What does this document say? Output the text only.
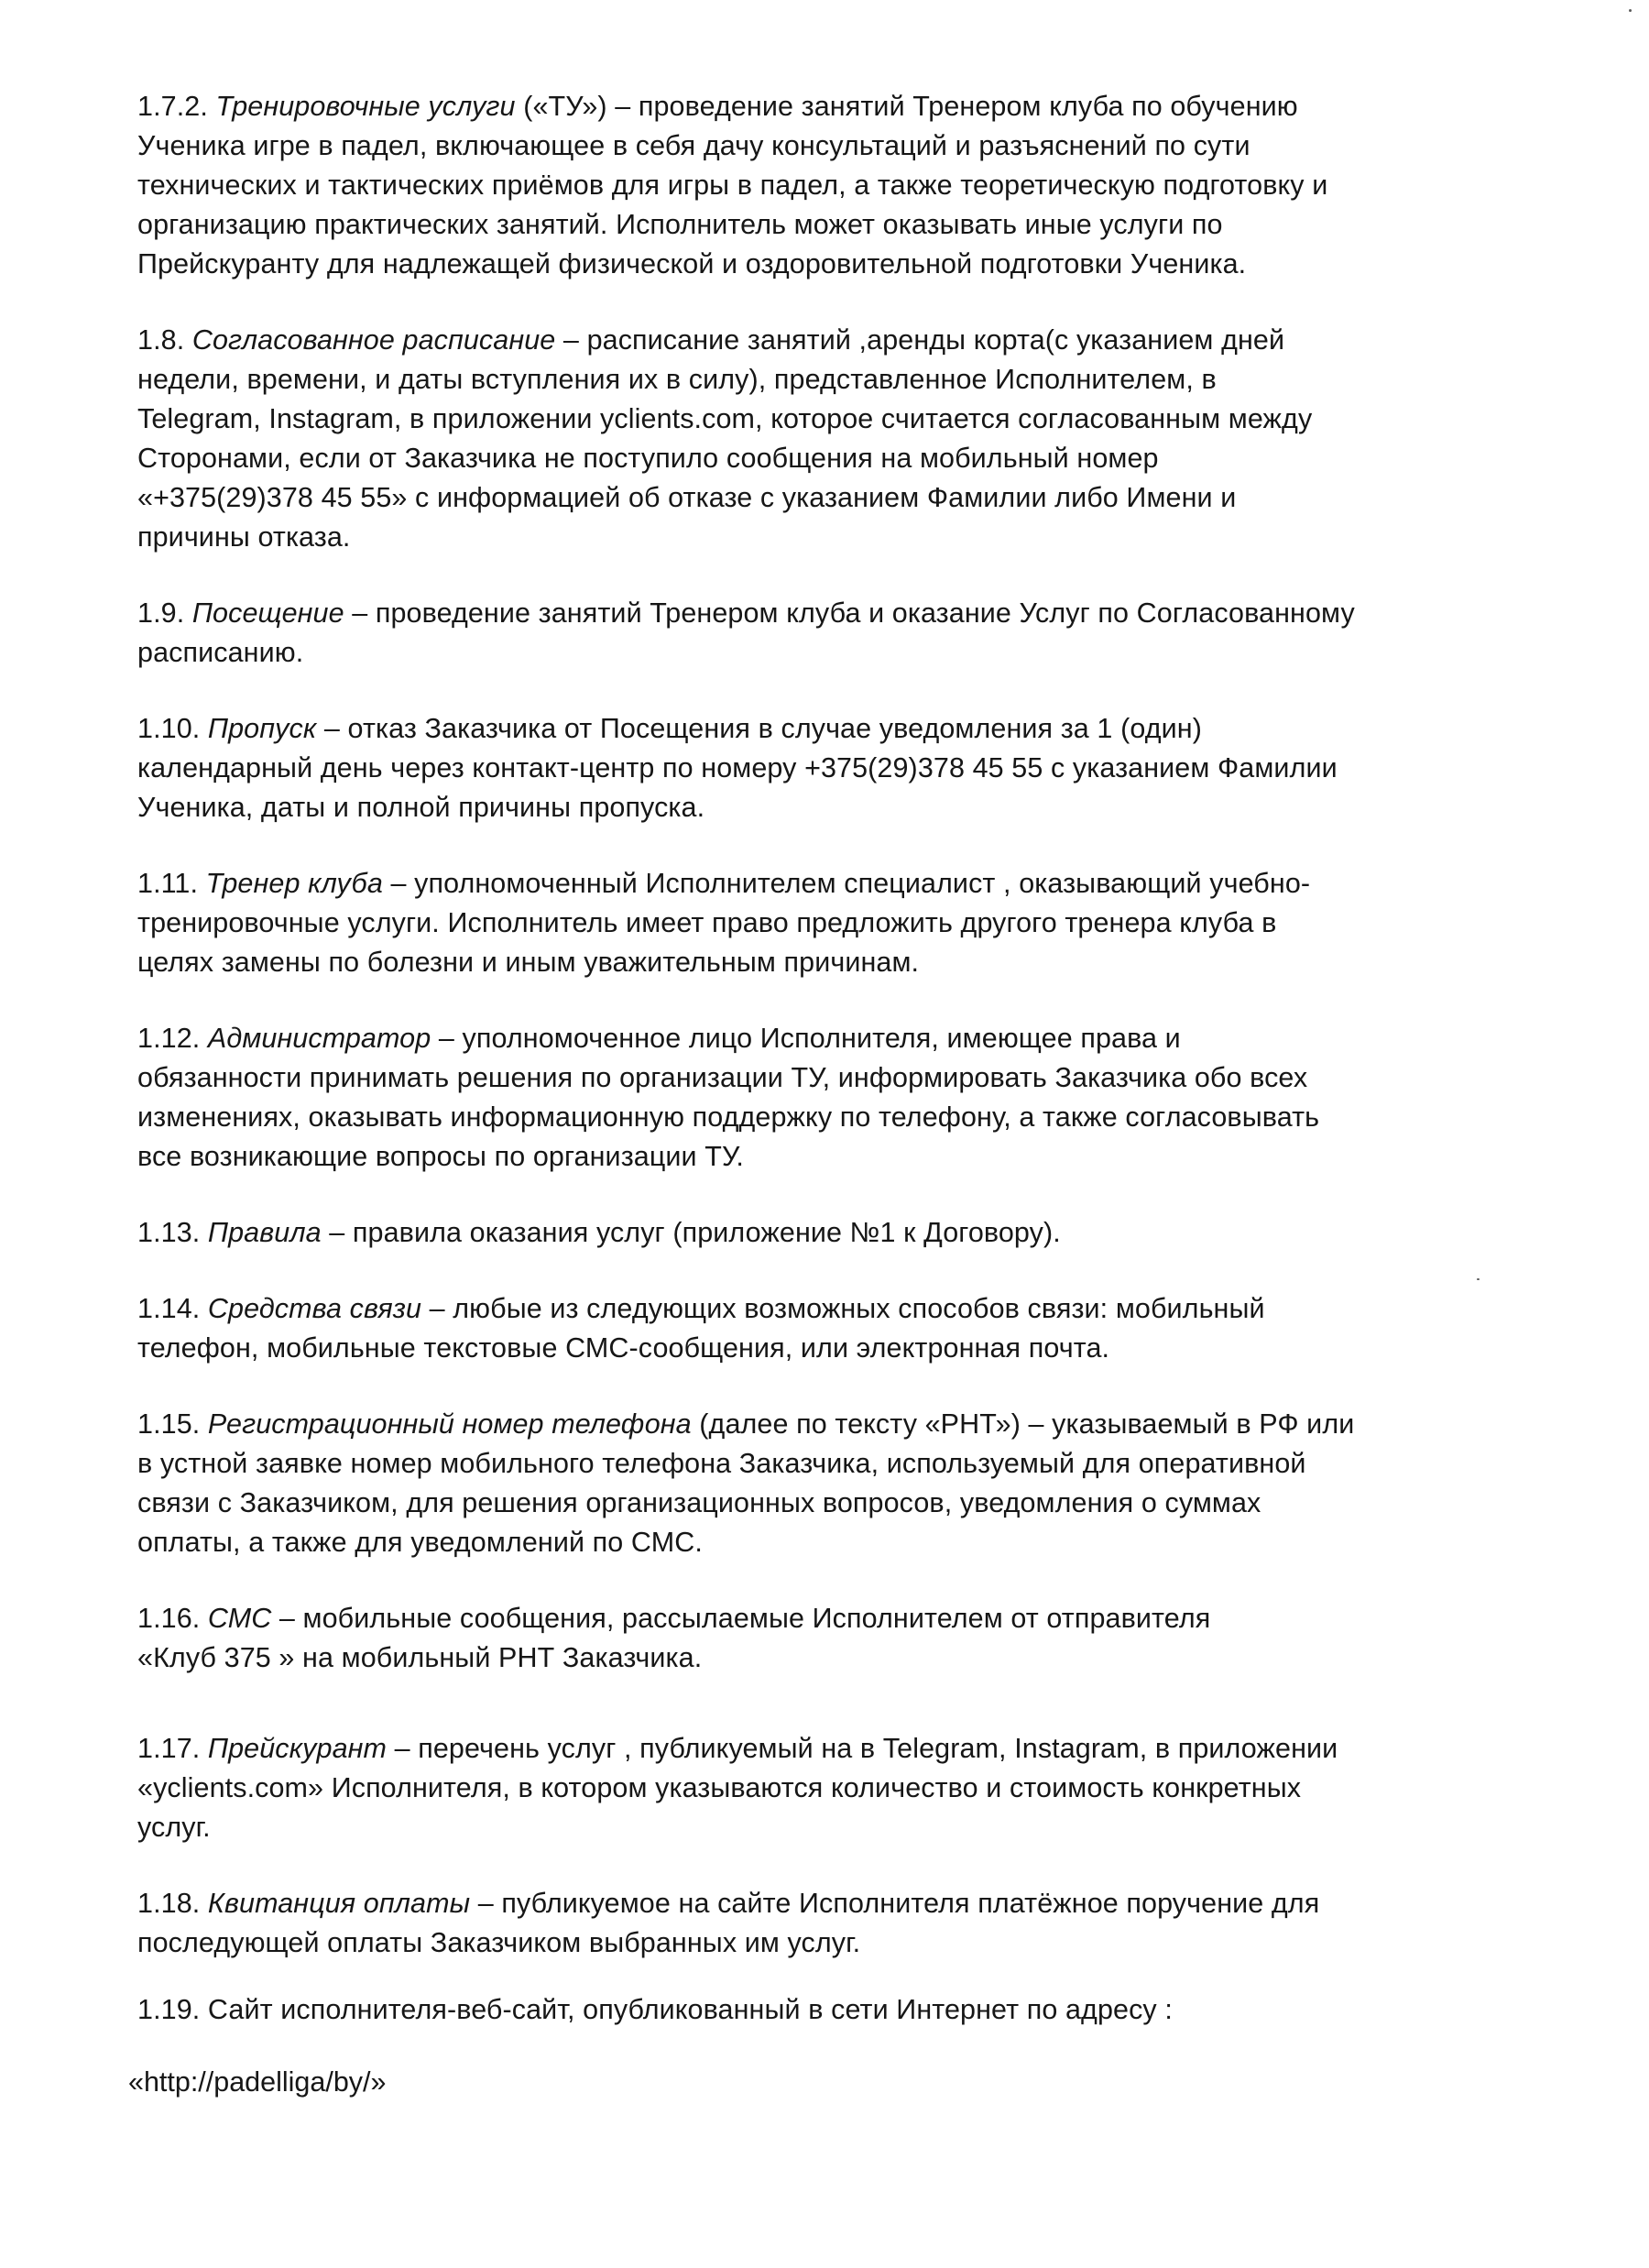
1.7.2. Тренировочные услуги («ТУ») – проведение занятий Тренером клуба по обучению
Ученика игре в падел, включающее в себя дачу консультаций и разъяснений по сути
технических и тактических приёмов для игры в падел, а также теоретическую подготовку и
организацию практических занятий. Исполнитель может оказывать иные услуги по
Прейскуранту для надлежащей физической и оздоровительной подготовки Ученика.

1.8. Согласованное расписание – расписание занятий ,аренды корта(с указанием дней
недели, времени, и даты вступления их в силу), представленное Исполнителем, в
Telegram, Instagram, в приложении yclients.com, которое считается согласованным между
Сторонами, если от Заказчика не поступило сообщения на мобильный номер
«+375(29)378 45 55» с информацией об отказе с указанием Фамилии либо Имени и
причины отказа.

1.9. Посещение – проведение занятий Тренером клуба и оказание Услуг по Согласованному
расписанию.

1.10. Пропуск – отказ Заказчика от Посещения в случае уведомления за 1 (один)
календарный день через контакт-центр по номеру +375(29)378 45 55 с указанием Фамилии
Ученика, даты и полной причины пропуска.

1.11. Тренер клуба – уполномоченный Исполнителем специалист , оказывающий учебно-
тренировочные услуги. Исполнитель имеет право предложить другого тренера клуба в
целях замены по болезни и иным уважительным причинам.

1.12. Администратор – уполномоченное лицо Исполнителя, имеющее права и
обязанности принимать решения по организации ТУ, информировать Заказчика обо всех
изменениях, оказывать информационную поддержку по телефону, а также согласовывать
все возникающие вопросы по организации ТУ.

1.13. Правила – правила оказания услуг (приложение №1 к Договору).

1.14. Средства связи – любые из следующих возможных способов связи: мобильный
телефон, мобильные текстовые СМС-сообщения, или электронная почта.

1.15. Регистрационный номер телефона (далее по тексту «РНТ») – указываемый в РФ или
в устной заявке номер мобильного телефона Заказчика, используемый для оперативной
связи с Заказчиком, для решения организационных вопросов, уведомления о суммах
оплаты, а также для уведомлений по СМС.

1.16. СМС – мобильные сообщения, рассылаемые Исполнителем от отправителя
«Клуб 375 » на мобильный РНТ Заказчика.

1.17. Прейскурант – перечень услуг , публикуемый на в Telegram, Instagram, в приложении
«yclients.com» Исполнителя, в котором указываются количество и стоимость конкретных
услуг.

1.18. Квитанция оплаты – публикуемое на сайте Исполнителя платёжное поручение для
последующей оплаты Заказчиком выбранных им услуг.

1.19. Сайт исполнителя-веб-сайт, опубликованный в сети Интернет по адресу :

«http://padelliga/by/»
